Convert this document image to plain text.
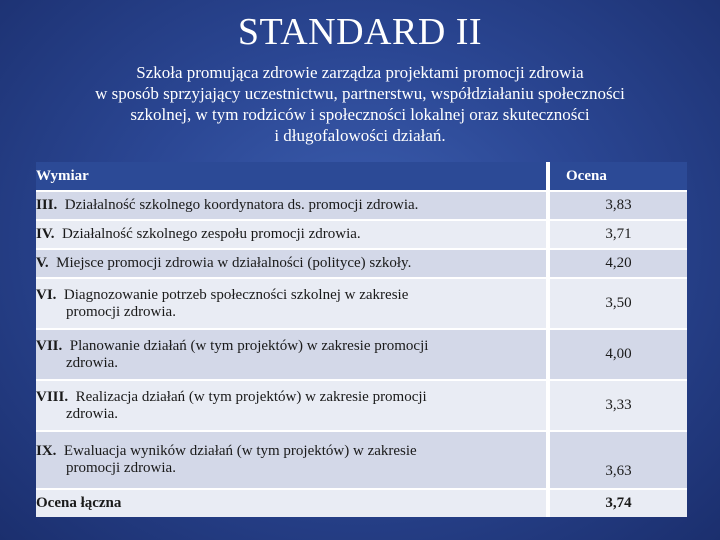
STANDARD II
Szkoła promująca zdrowie zarządza projektami promocji zdrowia
w sposób sprzyjający uczestnictwu, partnerstwu, współdziałaniu społeczności
szkolnej, w tym rodziców i społeczności lokalnej oraz skuteczności
i długofalowości działań.
Wymiar	Ocena
III. Działalność szkolnego koordynatora ds. promocji zdrowia.	3,83
IV. Działalność szkolnego zespołu promocji zdrowia.	3,71
V. Miejsce promocji zdrowia w działalności (polityce) szkoły.	4,20
VI. Diagnozowanie potrzeb społeczności szkolnej w zakresie
promocji zdrowia.	3,50
VII. Planowanie działań (w tym projektów) w zakresie promocji
zdrowia.	4,00
VIII. Realizacja działań (w tym projektów) w zakresie promocji
zdrowia.	3,33
IX. Ewaluacja wyników działań (w tym projektów) w zakresie
promocji zdrowia.	3,63
Ocena łączna	3,74
